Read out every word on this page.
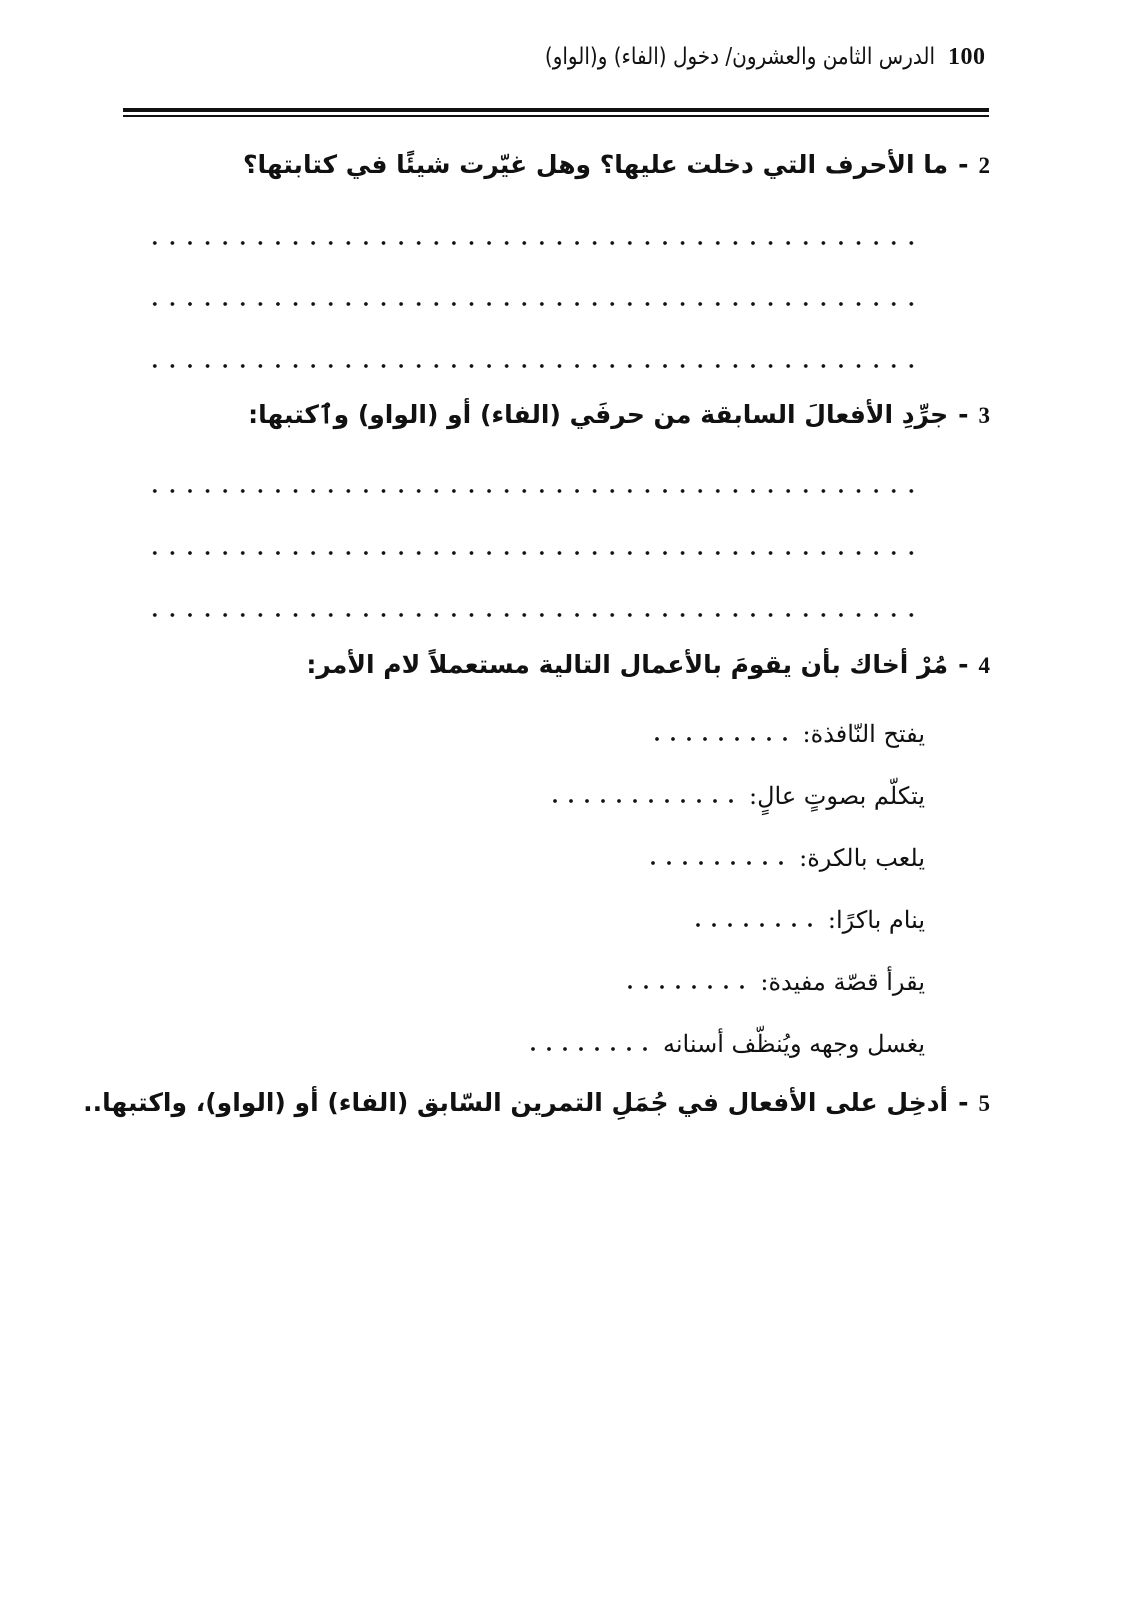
100
الدرس الثامن والعشرون/ دخول (الفاء) و(الواو)
2-ما الأحرف التي دخلت عليها؟ وهل غيّرت شيئًا في كتابتها؟
3-جرِّدِ الأفعالَ السابقة من حرفَي (الفاء) أو (الواو) وٱكتبها:
4-مُرْ أخاك بأن يقومَ بالأعمال التالية مستعملاً لام الأمر:
يفتح النّافذة:
يتكلّم بصوتٍ عالٍ:
يلعب بالكرة:
ينام باكرًا:
يقرأ قصّة مفيدة:
يغسل وجهه ويُنظّف أسنانه
5-أدخِل على الأفعال في جُمَلِ التمرين السّابق (الفاء) أو (الواو)، واكتبها..
